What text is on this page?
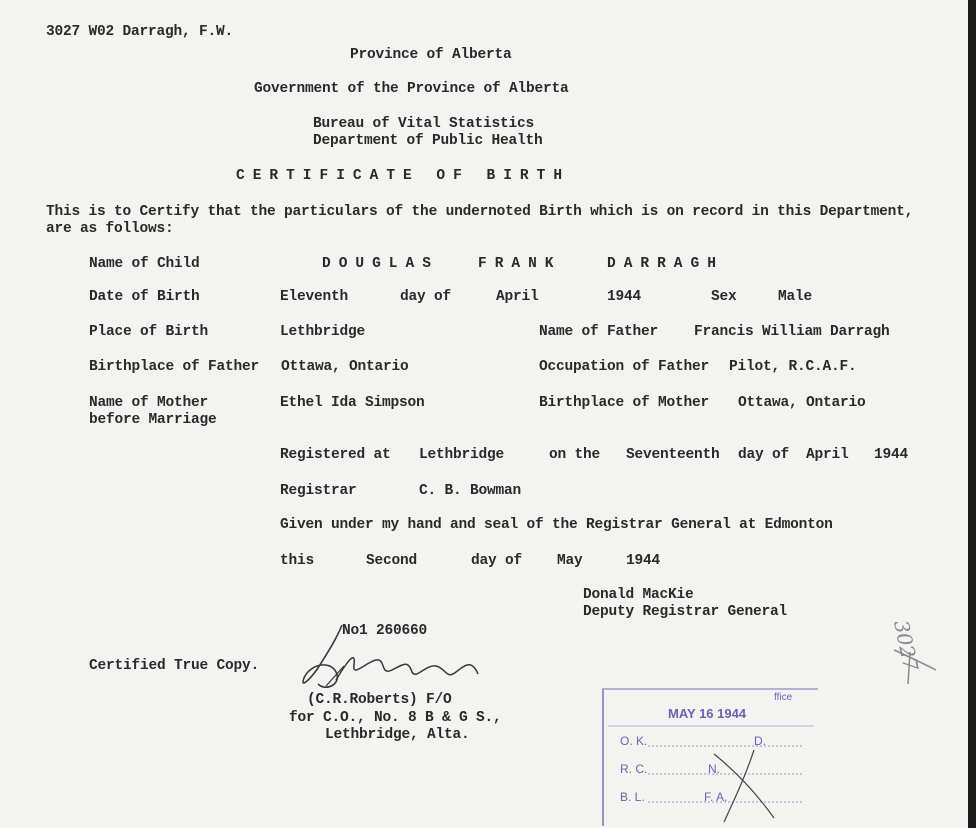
3027 W02 Darragh, F.W.
Province of Alberta
Government of the Province of Alberta
Bureau of Vital Statistics
Department of Public Health
CERTIFICATE OF BIRTH
This is to Certify that the particulars of the undernoted Birth which is on record in this Department,
are as follows:
Name of Child	DOUGLAS	FRANK	DARRAGH
Date of Birth	Eleventh	day of	April	1944	Sex	Male
Place of Birth	Lethbridge	Name of Father Francis William Darragh
Birthplace of Father Ottawa, Ontario	Occupation of Father Pilot, R.C.A.F.
Name of Mother
before Marriage
Ethel Ida Simpson	Birthplace of Mother Ottawa, Ontario
Registered at Lethbridge	on the Seventeenth day of April 1944
Registrar	C. B. Bowman
Given under my hand and seal of the Registrar General at Edmonton
this	Second	day of May	1944
Donald MacKie
Deputy Registrar General
No1 260660
Certified True Copy.
(C.R.Roberts) F/O
for C.O., No. 8 B & G S.,
Lethbridge, Alta.
3027
MAY 16 1944
ffice
O. K.	D.
R. C.	N.
B. L.	F. A.
